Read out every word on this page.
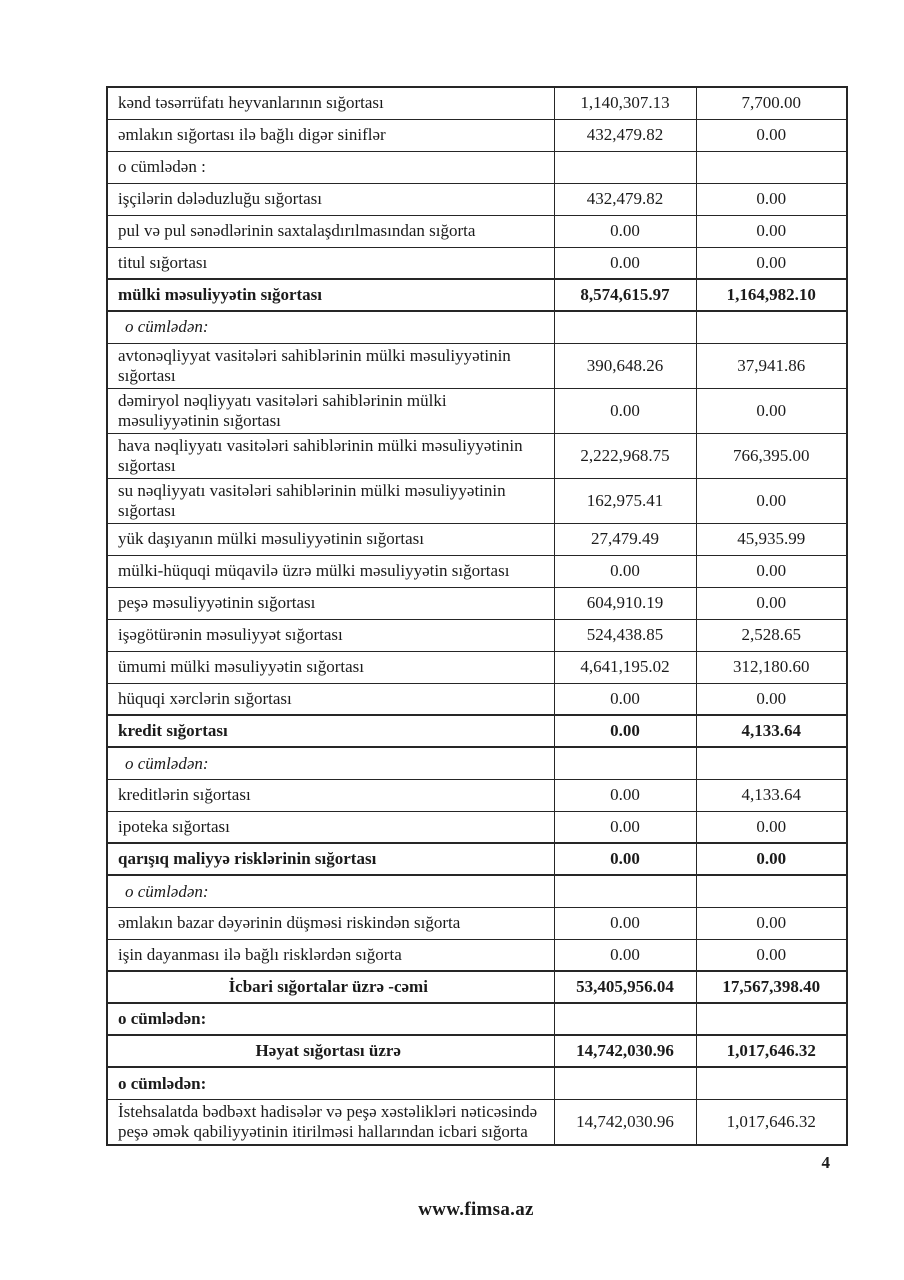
kənd təsərrüfatı heyvanlarının sığortası	1,140,307.13	7,700.00
əmlakın sığortası ilə bağlı digər siniflər	432,479.82	0.00
o cümlədən :		
işçilərin dələduzluğu sığortası	432,479.82	0.00
pul və pul sənədlərinin saxtalaşdırılmasından sığorta	0.00	0.00
titul sığortası	0.00	0.00
mülki məsuliyyətin sığortası	8,574,615.97	1,164,982.10
o cümlədən:		
avtonəqliyyat vasitələri sahiblərinin mülki məsuliyyətinin sığortası	390,648.26	37,941.86
dəmiryol nəqliyyatı vasitələri sahiblərinin mülki məsuliyyətinin sığortası	0.00	0.00
hava nəqliyyatı vasitələri sahiblərinin mülki məsuliyyətinin sığortası	2,222,968.75	766,395.00
su nəqliyyatı vasitələri sahiblərinin mülki məsuliyyətinin sığortası	162,975.41	0.00
yük daşıyanın mülki məsuliyyətinin sığortası	27,479.49	45,935.99
mülki-hüquqi müqavilə üzrə mülki məsuliyyətin sığortası	0.00	0.00
peşə məsuliyyətinin sığortası	604,910.19	0.00
işəgötürənin məsuliyyət sığortası	524,438.85	2,528.65
ümumi mülki məsuliyyətin sığortası	4,641,195.02	312,180.60
hüquqi xərclərin sığortası	0.00	0.00
kredit sığortası	0.00	4,133.64
o cümlədən:		
kreditlərin sığortası	0.00	4,133.64
ipoteka sığortası	0.00	0.00
qarışıq maliyyə risklərinin sığortası	0.00	0.00
o cümlədən:		
əmlakın bazar dəyərinin düşməsi riskindən sığorta	0.00	0.00
işin dayanması ilə bağlı risklərdən sığorta	0.00	0.00
İcbari sığortalar üzrə -cəmi	53,405,956.04	17,567,398.40
o cümlədən:		
Həyat sığortası üzrə	14,742,030.96	1,017,646.32
o cümlədən:		
İstehsalatda bədbəxt hadisələr və peşə xəstəlikləri nəticəsində peşə əmək qabiliyyətinin itirilməsi hallarından icbari sığorta	14,742,030.96	1,017,646.32
4
www.fimsa.az
